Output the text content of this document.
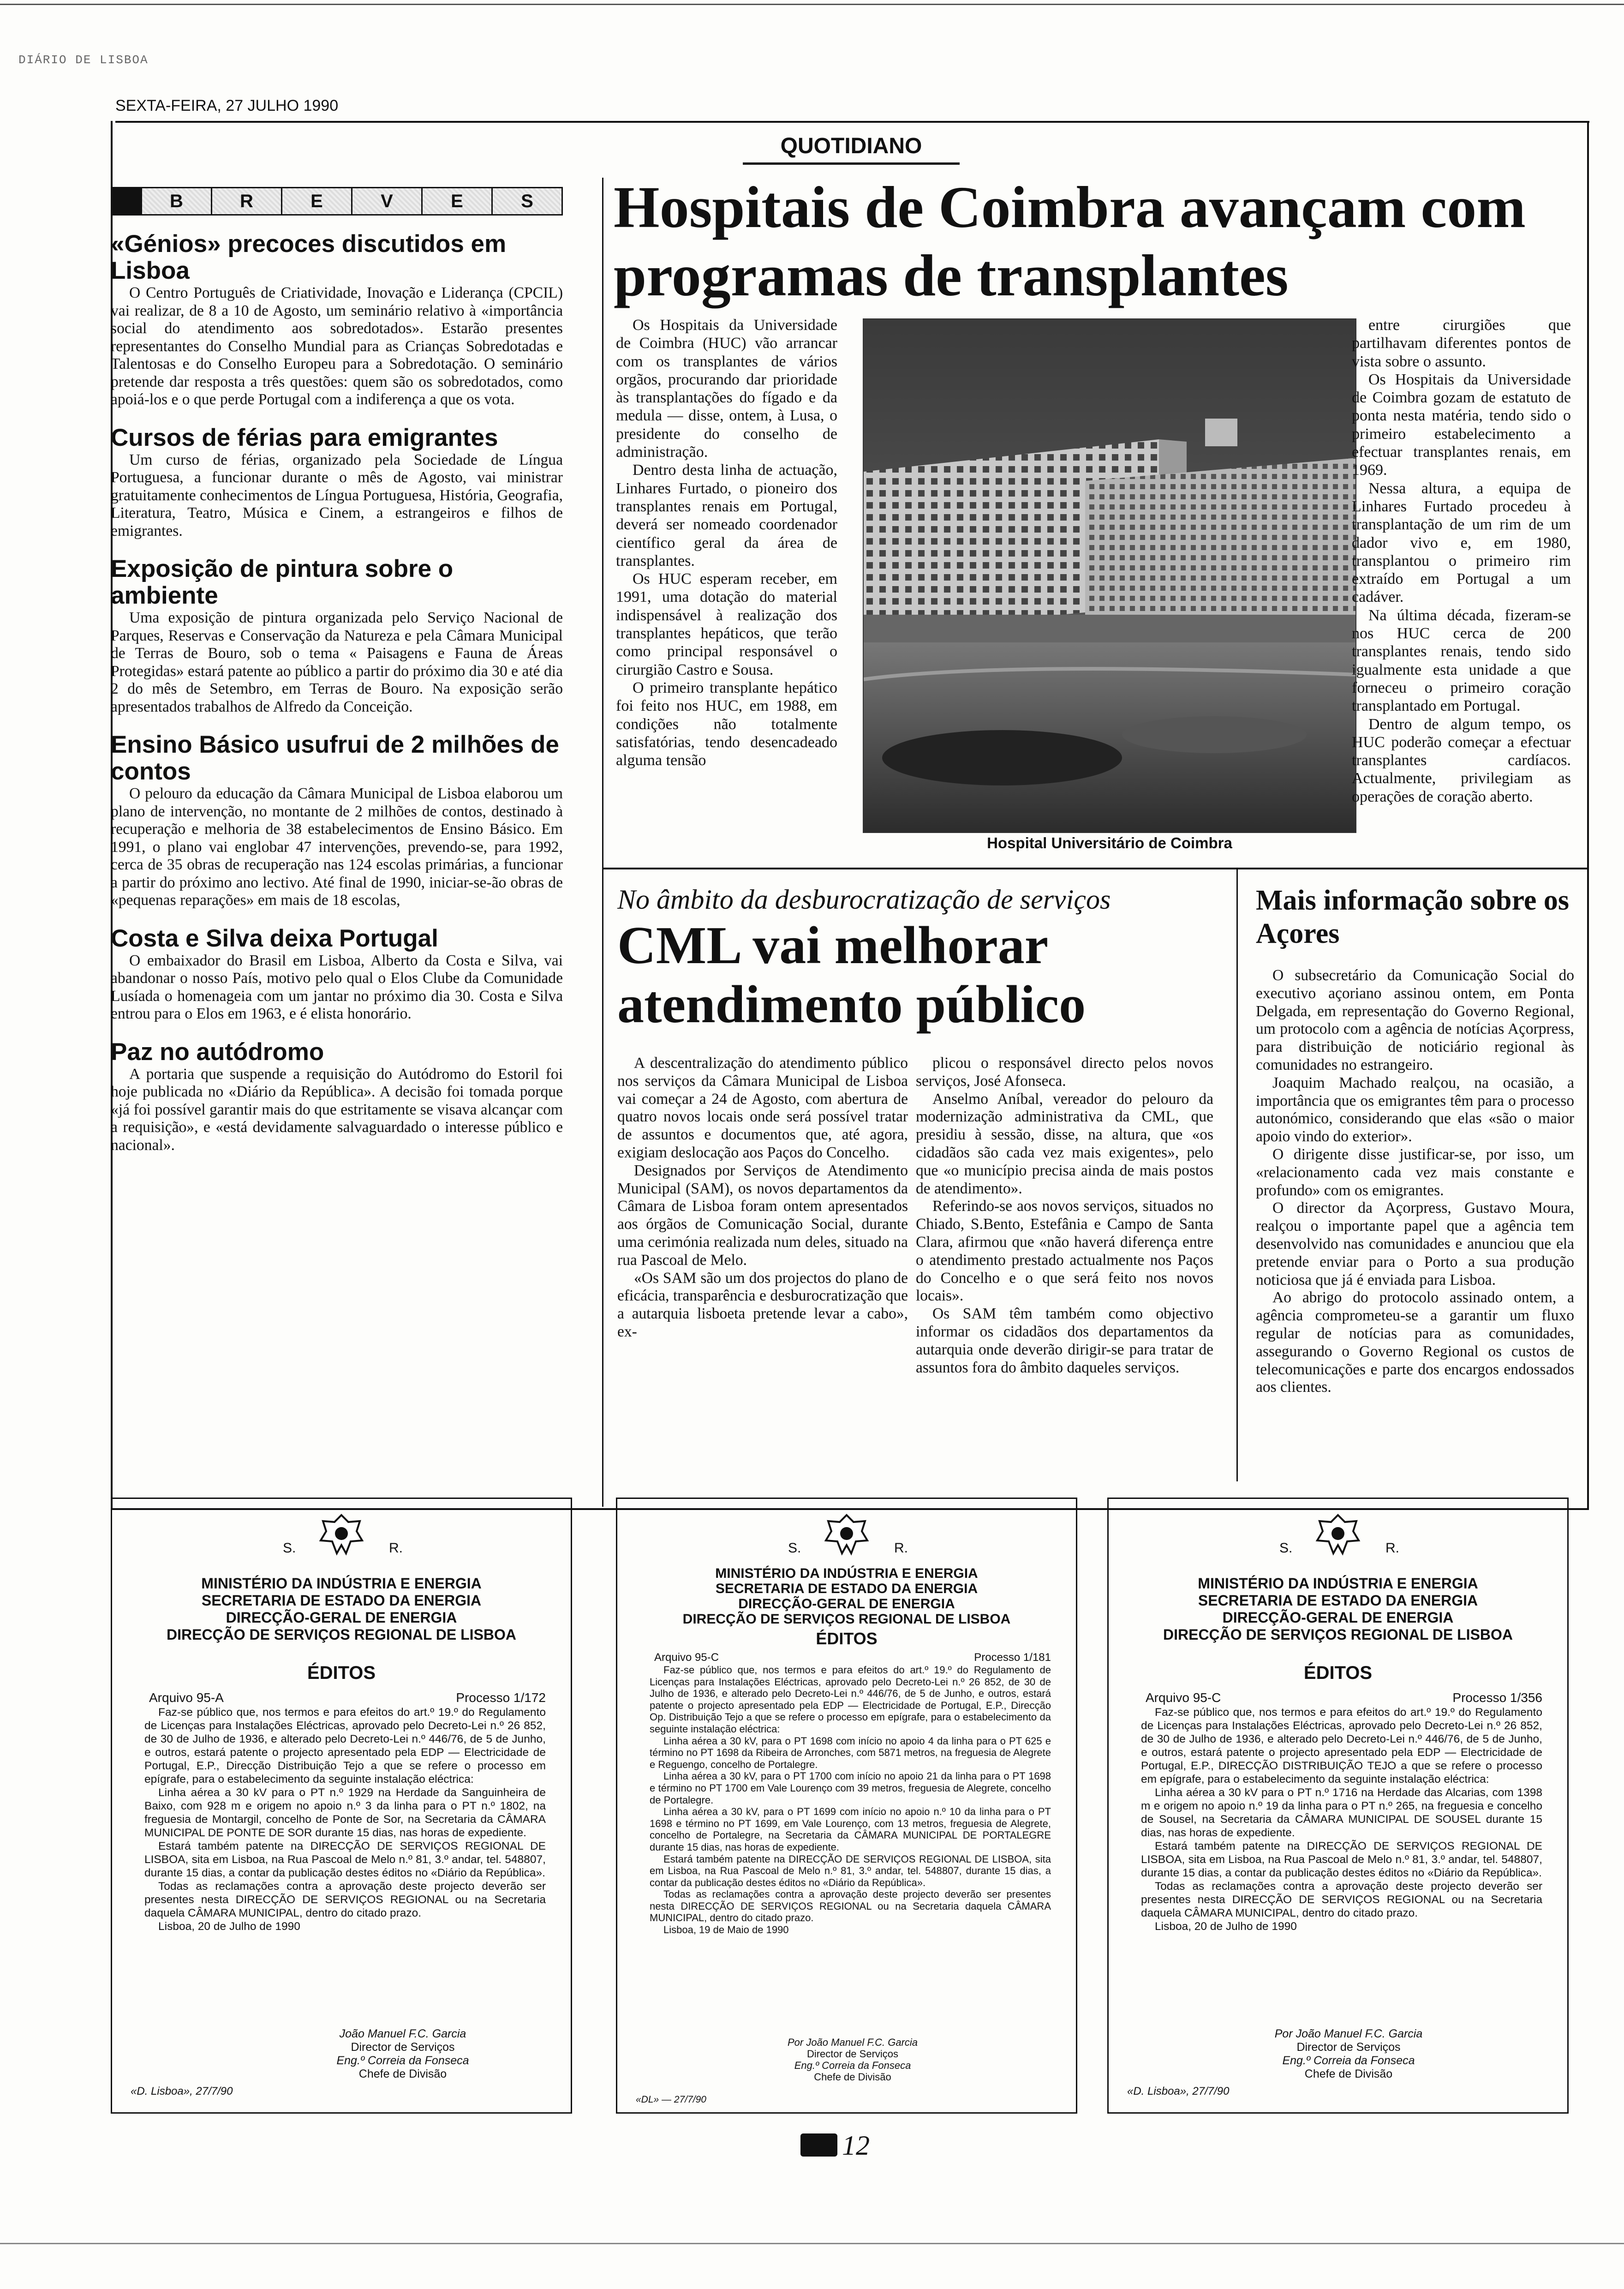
DIÁRIO DE LISBOA
SEXTA-FEIRA, 27 JULHO 1990
QUOTIDIANO
B	R	E	V	E	S
«Génios» precoces discutidos em Lisboa
O Centro Português de Criatividade, Inovação e Liderança (CPCIL) vai realizar, de 8 a 10 de Agosto, um seminário relativo à «importância social do atendimento aos sobredotados». Estarão presentes representantes do Conselho Mundial para as Crianças Sobredotadas e Talentosas e do Conselho Europeu para a Sobredotação. O seminário pretende dar resposta a três questões: quem são os sobredotados, como apoiá-los e o que perde Portugal com a indiferença a que os vota.
Cursos de férias para emigrantes
Um curso de férias, organizado pela Sociedade de Língua Portuguesa, a funcionar durante o mês de Agosto, vai ministrar gratuitamente conhecimentos de Língua Portuguesa, História, Geografia, Literatura, Teatro, Música e Cinem, a estrangeiros e filhos de emigrantes.
Exposição de pintura sobre o ambiente
Uma exposição de pintura organizada pelo Serviço Nacional de Parques, Reservas e Conservação da Natureza e pela Câmara Municipal de Terras de Bouro, sob o tema « Paisagens e Fauna de Áreas Protegidas» estará patente ao público a partir do próximo dia 30 e até dia 2 do mês de Setembro, em Terras de Bouro. Na exposição serão apresentados trabalhos de Alfredo da Conceição.
Ensino Básico usufrui de 2 milhões de contos
O pelouro da educação da Câmara Municipal de Lisboa elaborou um plano de intervenção, no montante de 2 milhões de contos, destinado à recuperação e melhoria de 38 estabelecimentos de Ensino Básico. Em 1991, o plano vai englobar 47 intervenções, prevendo-se, para 1992, cerca de 35 obras de recuperação nas 124 escolas primárias, a funcionar a partir do próximo ano lectivo. Até final de 1990, iniciar-se-ão obras de «pequenas reparações» em mais de 18 escolas,
Costa e Silva deixa Portugal
O embaixador do Brasil em Lisboa, Alberto da Costa e Silva, vai abandonar o nosso País, motivo pelo qual o Elos Clube da Comunidade Lusíada o homenageia com um jantar no próximo dia 30. Costa e Silva entrou para o Elos em 1963, e é elista honorário.
Paz no autódromo
A portaria que suspende a requisição do Autódromo do Estoril foi hoje publicada no «Diário da República». A decisão foi tomada porque «já foi possível garantir mais do que estritamente se visava alcançar com a requisição», e «está devidamente salvaguardado o interesse público e nacional».
Hospitais de Coimbra avançam com programas de transplantes

Os Hospitais da Universidade de Coimbra (HUC) vão arrancar com os transplantes de vários orgãos, procurando dar prioridade às transplantações do fígado e da medula — disse, ontem, à Lusa, o presidente do conselho de administração.

Dentro desta linha de actuação, Linhares Furtado, o pioneiro dos transplantes renais em Portugal, deverá ser nomeado coordenador científico geral da área de transplantes.

Os HUC esperam receber, em 1991, uma dotação do material indispensável à realização dos transplantes hepáticos, que terão como principal responsável o cirurgião Castro e Sousa.

O primeiro transplante hepático foi feito nos HUC, em 1988, em condições não totalmente satisfatórias, tendo desencadeado alguma tensão

Hospital Universitário de Coimbra

entre cirurgiões que partilhavam diferentes pontos de vista sobre o assunto.

Os Hospitais da Universidade de Coimbra gozam de estatuto de ponta nesta matéria, tendo sido o primeiro estabelecimento a efectuar transplantes renais, em 1969.

Nessa altura, a equipa de Linhares Furtado procedeu à transplantação de um rim de um dador vivo e, em 1980, transplantou o primeiro rim extraído em Portugal a um cadáver.

Na última década, fizeram-se nos HUC cerca de 200 transplantes renais, tendo sido igualmente esta unidade a que forneceu o primeiro coração transplantado em Portugal.

Dentro de algum tempo, os HUC poderão começar a efectuar transplantes cardíacos. Actualmente, privilegiam as operações de coração aberto.

No âmbito da desburocratização de serviços
CML vai melhorar atendimento público

A descentralização do atendimento público nos serviços da Câmara Municipal de Lisboa vai começar a 24 de Agosto, com abertura de quatro novos locais onde será possível tratar de assuntos e documentos que, até agora, exigiam deslocação aos Paços do Concelho.

Designados por Serviços de Atendimento Municipal (SAM), os novos departamentos da Câmara de Lisboa foram ontem apresentados aos órgãos de Comunicação Social, durante uma cerimónia realizada num deles, situado na rua Pascoal de Melo.

«Os SAM são um dos projectos do plano de eficácia, transparência e desburocratização que a autarquia lisboeta pretende levar a cabo», ex-

plicou o responsável directo pelos novos serviços, José Afonseca.

Anselmo Aníbal, vereador do pelouro da modernização administrativa da CML, que presidiu à sessão, disse, na altura, que «os cidadãos são cada vez mais exigentes», pelo que «o município precisa ainda de mais postos de atendimento».

Referindo-se aos novos serviços, situados no Chiado, S.Bento, Estefânia e Campo de Santa Clara, afirmou que «não haverá diferença entre o atendimento prestado actualmente nos Paços do Concelho e o que será feito nos novos locais».

Os SAM têm também como objectivo informar os cidadãos dos departamentos da autarquia onde deverão dirigir-se para tratar de assuntos fora do âmbito daqueles serviços.

Mais informação sobre os Açores

O subsecretário da Comunicação Social do executivo açoriano assinou ontem, em Ponta Delgada, em representação do Governo Regional, um protocolo com a agência de notícias Açorpress, para distribuição de noticiário regional às comunidades no estrangeiro.

Joaquim Machado realçou, na ocasião, a importância que os emigrantes têm para o processo autonómico, considerando que elas «são o maior apoio vindo do exterior».

O dirigente disse justificar-se, por isso, um «relacionamento cada vez mais constante e profundo» com os emigrantes.

O director da Açorpress, Gustavo Moura, realçou o importante papel que a agência tem desenvolvido nas comunidades e anunciou que ela pretende enviar para o Porto a sua produção noticiosa que já é enviada para Lisboa.

Ao abrigo do protocolo assinado ontem, a agência comprometeu-se a garantir um fluxo regular de notícias para as comunidades, assegurando o Governo Regional os custos de telecomunicações e parte dos encargos endossados aos clientes.

S.	R.
MINISTÉRIO DA INDÚSTRIA E ENERGIA
SECRETARIA DE ESTADO DA ENERGIA
DIRECÇÃO-GERAL DE ENERGIA
DIRECÇÃO DE SERVIÇOS REGIONAL DE LISBOA
ÉDITOS
Arquivo 95-A	Processo 1/172

Faz-se público que, nos termos e para efeitos do art.º 19.º do Regulamento de Licenças para Instalações Eléctricas, aprovado pelo Decreto-Lei n.º 26 852, de 30 de Julho de 1936, e alterado pelo Decreto-Lei n.º 446/76, de 5 de Junho, e outros, estará patente o projecto apresentado pela EDP — Electricidade de Portugal, E.P., Direcção Distribuição Tejo a que se refere o processo em epígrafe, para o estabelecimento da seguinte instalação eléctrica:

Linha aérea a 30 kV para o PT n.º 1929 na Herdade da Sanguinheira de Baixo, com 928 m e origem no apoio n.º 3 da linha para o PT n.º 1802, na freguesia de Montargil, concelho de Ponte de Sor, na Secretaria da CÂMARA MUNICIPAL DE PONTE DE SOR durante 15 dias, nas horas de expediente.

Estará também patente na DIRECÇÃO DE SERVIÇOS REGIONAL DE LISBOA, sita em Lisboa, na Rua Pascoal de Melo n.º 81, 3.º andar, tel. 548807, durante 15 dias, a contar da publicação destes éditos no «Diário da República».

Todas as reclamações contra a aprovação deste projecto deverão ser presentes nesta DIRECÇÃO DE SERVIÇOS REGIONAL ou na Secretaria daquela CÂMARA MUNICIPAL, dentro do citado prazo.

Lisboa, 20 de Julho de 1990

João Manuel F.C. Garcia
Director de Serviços
Eng.º Correia da Fonseca
Chefe de Divisão
«D. Lisboa», 27/7/90
S.	R.
MINISTÉRIO DA INDÚSTRIA E ENERGIA
SECRETARIA DE ESTADO DA ENERGIA
DIRECÇÃO-GERAL DE ENERGIA
DIRECÇÃO DE SERVIÇOS REGIONAL DE LISBOA
ÉDITOS
Arquivo 95-C	Processo 1/181

Faz-se público que, nos termos e para efeitos do art.º 19.º do Regulamento de Licenças para Instalações Eléctricas, aprovado pelo Decreto-Lei n.º 26 852, de 30 de Julho de 1936, e alterado pelo Decreto-Lei n.º 446/76, de 5 de Junho, e outros, estará patente o projecto apresentado pela EDP — Electricidade de Portugal, E.P., Direcção Op. Distribuição Tejo a que se refere o processo em epígrafe, para o estabelecimento da seguinte instalação eléctrica:

Linha aérea a 30 kV, para o PT 1698 com início no apoio 4 da linha para o PT 625 e término no PT 1698 da Ribeira de Arronches, com 5871 metros, na freguesia de Alegrete e Reguengo, concelho de Portalegre.

Linha aérea a 30 kV, para o PT 1700 com início no apoio 21 da linha para o PT 1698 e término no PT 1700 em Vale Lourenço com 39 metros, freguesia de Alegrete, concelho de Portalegre.

Linha aérea a 30 kV, para o PT 1699 com início no apoio n.º 10 da linha para o PT 1698 e término no PT 1699, em Vale Lourenço, com 13 metros, freguesia de Alegrete, concelho de Portalegre, na Secretaria da CÂMARA MUNICIPAL DE PORTALEGRE durante 15 dias, nas horas de expediente.

Estará também patente na DIRECÇÃO DE SERVIÇOS REGIONAL DE LISBOA, sita em Lisboa, na Rua Pascoal de Melo n.º 81, 3.º andar, tel. 548807, durante 15 dias, a contar da publicação destes éditos no «Diário da República».

Todas as reclamações contra a aprovação deste projecto deverão ser presentes nesta DIRECÇÃO DE SERVIÇOS REGIONAL ou na Secretaria daquela CÂMARA MUNICIPAL, dentro do citado prazo.

Lisboa, 19 de Maio de 1990

Por João Manuel F.C. Garcia
Director de Serviços
Eng.º Correia da Fonseca
Chefe de Divisão
«DL» — 27/7/90
S.	R.
MINISTÉRIO DA INDÚSTRIA E ENERGIA
SECRETARIA DE ESTADO DA ENERGIA
DIRECÇÃO-GERAL DE ENERGIA
DIRECÇÃO DE SERVIÇOS REGIONAL DE LISBOA
ÉDITOS
Arquivo 95-C	Processo 1/356

Faz-se público que, nos termos e para efeitos do art.º 19.º do Regulamento de Licenças para Instalações Eléctricas, aprovado pelo Decreto-Lei n.º 26 852, de 30 de Julho de 1936, e alterado pelo Decreto-Lei n.º 446/76, de 5 de Junho, e outros, estará patente o projecto apresentado pela EDP — Electricidade de Portugal, E.P., DIRECÇÃO DISTRIBUIÇÃO TEJO a que se refere o processo em epígrafe, para o estabelecimento da seguinte instalação eléctrica:

Linha aérea a 30 kV para o PT n.º 1716 na Herdade das Alcarias, com 1398 m e origem no apoio n.º 19 da linha para o PT n.º 265, na freguesia e concelho de Sousel, na Secretaria da CÂMARA MUNICIPAL DE SOUSEL durante 15 dias, nas horas de expediente.

Estará também patente na DIRECÇÃO DE SERVIÇOS REGIONAL DE LISBOA, sita em Lisboa, na Rua Pascoal de Melo n.º 81, 3.º andar, tel. 548807, durante 15 dias, a contar da publicação destes éditos no «Diário da República».

Todas as reclamações contra a aprovação deste projecto deverão ser presentes nesta DIRECÇÃO DE SERVIÇOS REGIONAL ou na Secretaria daquela CÂMARA MUNICIPAL, dentro do citado prazo.

Lisboa, 20 de Julho de 1990

Por João Manuel F.C. Garcia
Director de Serviços
Eng.º Correia da Fonseca
Chefe de Divisão
«D. Lisboa», 27/7/90
12
